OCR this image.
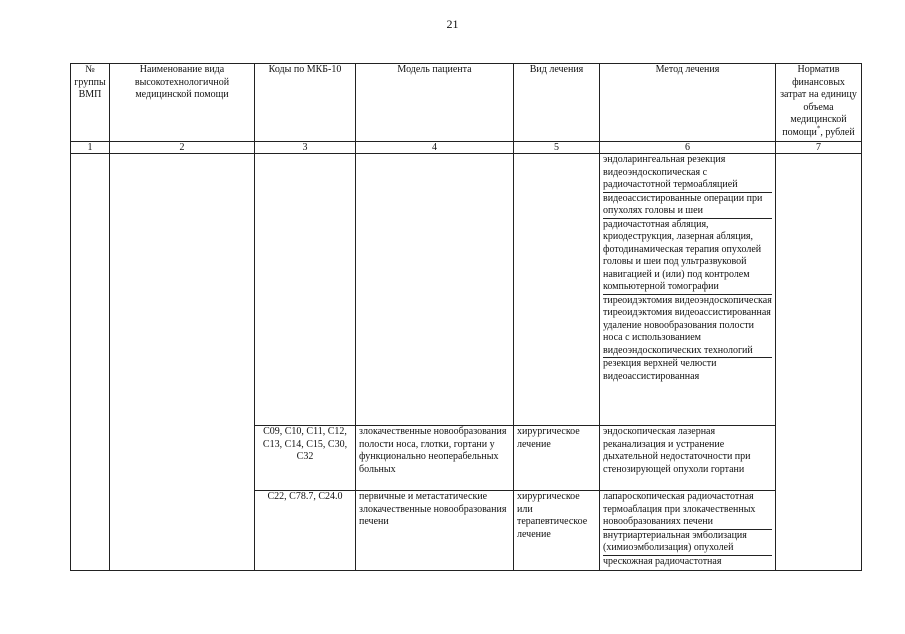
21
№ группы ВМП	Наименование вида высокотехнологичной медицинской помощи	Коды по МКБ-10	Модель пациента	Вид лечения	Метод лечения	Норматив финансовых затрат на единицу объема медицинской помощи*, рублей
1	2	3	4	5	6	7

					эндоларингеальная резекция видеоэндоскопическая с радиочастотной термоабляцией
видеоассистированные операции при опухолях головы и шеи
радиочастотная абляция, криодеструкция, лазерная абляция, фотодинамическая терапия опухолей головы и шеи под ультразвуковой навигацией и (или) под контролем компьютерной томографии
тиреоидэктомия видеоэндоскопическая тиреоидэктомия видеоассистированная удаление новообразования полости носа с использованием видеоэндоскопических технологий
резекция верхней челюсти видеоассистированная	

		C09, C10, C11, C12, C13, C14, C15, C30, C32	злокачественные новообразования полости носа, глотки, гортани у функционально неоперабельных больных	хирургическое лечение	эндоскопическая лазерная реканализация и устранение дыхательной недостаточности при стенозирующей опухоли гортани	

		C22, C78.7, C24.0	первичные и метастатические злокачественные новообразования печени	хирургическое или терапевтическое лечение	лапароскопическая радиочастотная термоаблация при злокачественных новообразованиях печени
внутриартериальная эмболизация (химиоэмболизация) опухолей
чрескожная радиочастотная	
